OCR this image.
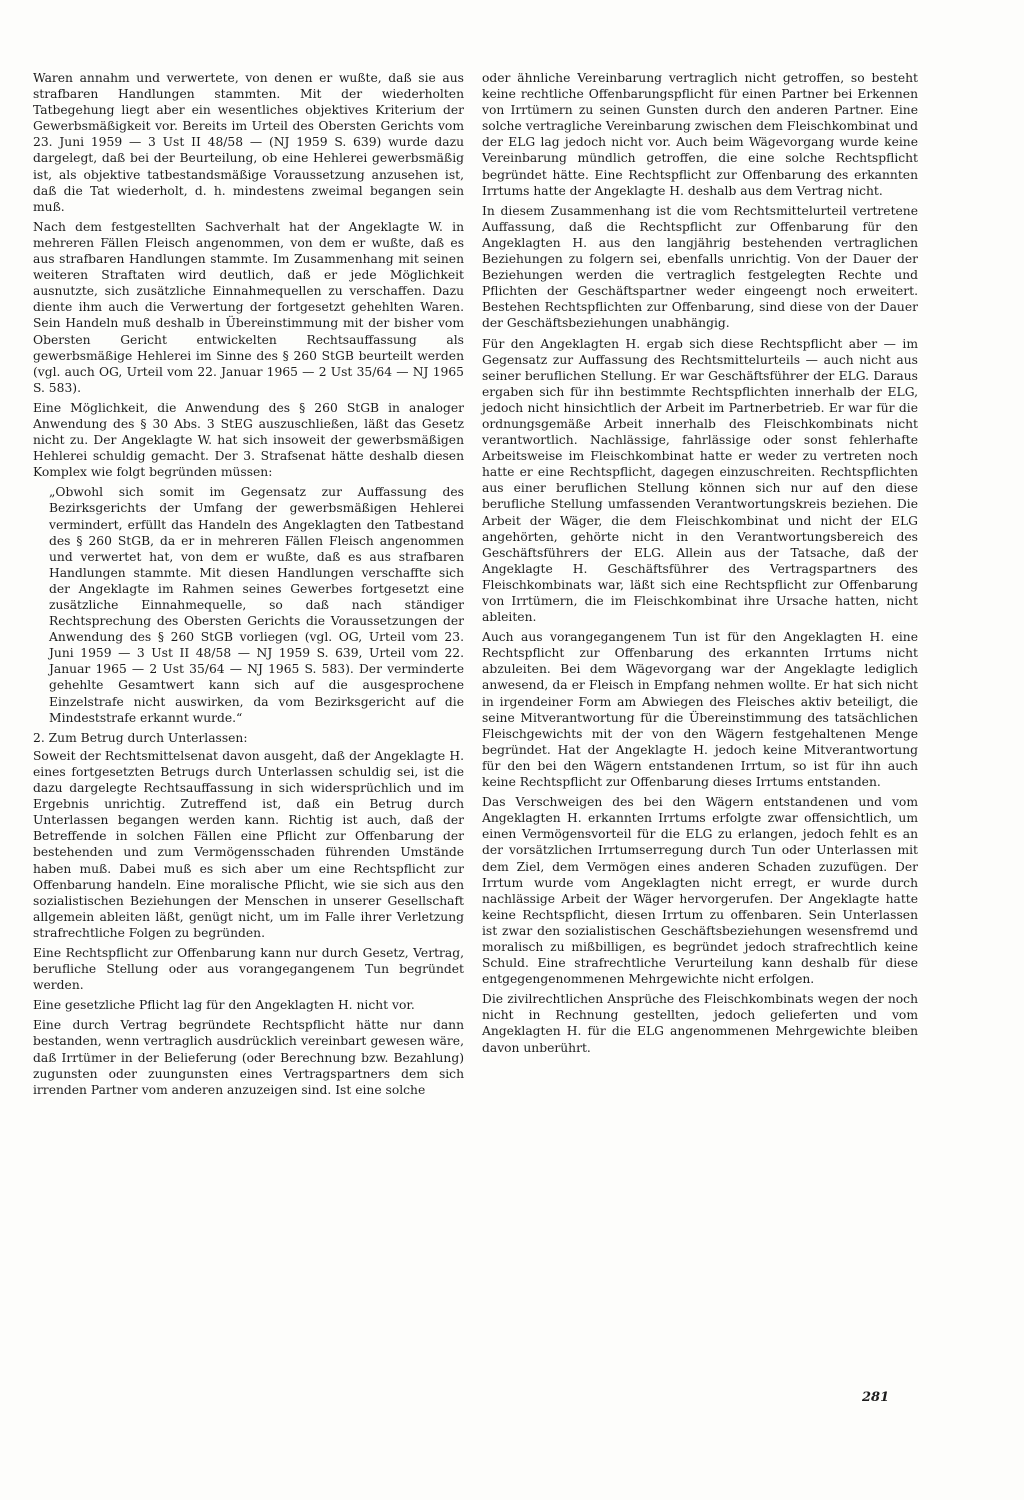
Waren annahm und verwertete, von denen er wußte, daß sie aus strafbaren Handlungen stammten. Mit der wiederholten Tatbegehung liegt aber ein wesentliches objektives Kriterium der Gewerbsmäßigkeit vor. Bereits im Urteil des Obersten Gerichts vom 23. Juni 1959 — 3 Ust II 48/58 — (NJ 1959 S. 639) wurde dazu dargelegt, daß bei der Beurteilung, ob eine Hehlerei gewerbsmäßig ist, als objektive tatbestandsmäßige Voraussetzung anzusehen ist, daß die Tat wiederholt, d. h. mindestens zweimal begangen sein muß.

Nach dem festgestellten Sachverhalt hat der Angeklagte W. in mehreren Fällen Fleisch angenommen, von dem er wußte, daß es aus strafbaren Handlungen stammte. Im Zusammenhang mit seinen weiteren Straftaten wird deutlich, daß er jede Möglichkeit ausnutzte, sich zusätzliche Einnahmequellen zu verschaffen. Dazu diente ihm auch die Verwertung der fortgesetzt gehehlten Waren. Sein Handeln muß deshalb in Übereinstimmung mit der bisher vom Obersten Gericht entwickelten Rechtsauffassung als gewerbsmäßige Hehlerei im Sinne des § 260 StGB beurteilt werden (vgl. auch OG, Urteil vom 22. Januar 1965 — 2 Ust 35/64 — NJ 1965 S. 583).

Eine Möglichkeit, die Anwendung des § 260 StGB in analoger Anwendung des § 30 Abs. 3 StEG auszuschließen, läßt das Gesetz nicht zu. Der Angeklagte W. hat sich insoweit der gewerbsmäßigen Hehlerei schuldig gemacht. Der 3. Strafsenat hätte deshalb diesen Komplex wie folgt begründen müssen:

„Obwohl sich somit im Gegensatz zur Auffassung des Bezirksgerichts der Umfang der gewerbsmäßigen Hehlerei vermindert, erfüllt das Handeln des Angeklagten den Tatbestand des § 260 StGB, da er in mehreren Fällen Fleisch angenommen und verwertet hat, von dem er wußte, daß es aus strafbaren Handlungen stammte. Mit diesen Handlungen verschaffte sich der Angeklagte im Rahmen seines Gewerbes fortgesetzt eine zusätzliche Einnahmequelle, so daß nach ständiger Rechtsprechung des Obersten Gerichts die Voraussetzungen der Anwendung des § 260 StGB vorliegen (vgl. OG, Urteil vom 23. Juni 1959 — 3 Ust II 48/58 — NJ 1959 S. 639, Urteil vom 22. Januar 1965 — 2 Ust 35/64 — NJ 1965 S. 583). Der verminderte gehehlte Gesamtwert kann sich auf die ausgesprochene Einzelstrafe nicht auswirken, da vom Bezirksgericht auf die Mindeststrafe erkannt wurde.“

2. Zum Betrug durch Unterlassen:

Soweit der Rechtsmittelsenat davon ausgeht, daß der Angeklagte H. eines fortgesetzten Betrugs durch Unterlassen schuldig sei, ist die dazu dargelegte Rechtsauffassung in sich widersprüchlich und im Ergebnis unrichtig. Zutreffend ist, daß ein Betrug durch Unterlassen begangen werden kann. Richtig ist auch, daß der Betreffende in solchen Fällen eine Pflicht zur Offenbarung der bestehenden und zum Vermögensschaden führenden Umstände haben muß. Dabei muß es sich aber um eine Rechtspflicht zur Offenbarung handeln. Eine moralische Pflicht, wie sie sich aus den sozialistischen Beziehungen der Menschen in unserer Gesellschaft allgemein ableiten läßt, genügt nicht, um im Falle ihrer Verletzung strafrechtliche Folgen zu begründen.

Eine Rechtspflicht zur Offenbarung kann nur durch Gesetz, Vertrag, berufliche Stellung oder aus vorangegangenem Tun begründet werden.

Eine gesetzliche Pflicht lag für den Angeklagten H. nicht vor.

Eine durch Vertrag begründete Rechtspflicht hätte nur dann bestanden, wenn vertraglich ausdrücklich vereinbart gewesen wäre, daß Irrtümer in der Belieferung (oder Berechnung bzw. Bezahlung) zugunsten oder zuungunsten eines Vertragspartners dem sich irrenden Partner vom anderen anzuzeigen sind. Ist eine solche

oder ähnliche Vereinbarung vertraglich nicht getroffen, so besteht keine rechtliche Offenbarungspflicht für einen Partner bei Erkennen von Irrtümern zu seinen Gunsten durch den anderen Partner. Eine solche vertragliche Vereinbarung zwischen dem Fleischkombinat und der ELG lag jedoch nicht vor. Auch beim Wägevorgang wurde keine Vereinbarung mündlich getroffen, die eine solche Rechtspflicht begründet hätte. Eine Rechtspflicht zur Offenbarung des erkannten Irrtums hatte der Angeklagte H. deshalb aus dem Vertrag nicht.

In diesem Zusammenhang ist die vom Rechtsmittelurteil vertretene Auffassung, daß die Rechtspflicht zur Offenbarung für den Angeklagten H. aus den langjährig bestehenden vertraglichen Beziehungen zu folgern sei, ebenfalls unrichtig. Von der Dauer der Beziehungen werden die vertraglich festgelegten Rechte und Pflichten der Geschäftspartner weder eingeengt noch erweitert. Bestehen Rechtspflichten zur Offenbarung, sind diese von der Dauer der Geschäftsbeziehungen unabhängig.

Für den Angeklagten H. ergab sich diese Rechtspflicht aber — im Gegensatz zur Auffassung des Rechtsmittelurteils — auch nicht aus seiner beruflichen Stellung. Er war Geschäftsführer der ELG. Daraus ergaben sich für ihn bestimmte Rechtspflichten innerhalb der ELG, jedoch nicht hinsichtlich der Arbeit im Partnerbetrieb. Er war für die ordnungsgemäße Arbeit innerhalb des Fleischkombinats nicht verantwortlich. Nachlässige, fahrlässige oder sonst fehlerhafte Arbeitsweise im Fleischkombinat hatte er weder zu vertreten noch hatte er eine Rechtspflicht, dagegen einzuschreiten. Rechtspflichten aus einer beruflichen Stellung können sich nur auf den diese berufliche Stellung umfassenden Verantwortungskreis beziehen. Die Arbeit der Wäger, die dem Fleischkombinat und nicht der ELG angehörten, gehörte nicht in den Verantwortungsbereich des Geschäftsführers der ELG. Allein aus der Tatsache, daß der Angeklagte H. Geschäftsführer des Vertragspartners des Fleischkombinats war, läßt sich eine Rechtspflicht zur Offenbarung von Irrtümern, die im Fleischkombinat ihre Ursache hatten, nicht ableiten.

Auch aus vorangegangenem Tun ist für den Angeklagten H. eine Rechtspflicht zur Offenbarung des erkannten Irrtums nicht abzuleiten. Bei dem Wägevorgang war der Angeklagte lediglich anwesend, da er Fleisch in Empfang nehmen wollte. Er hat sich nicht in irgendeiner Form am Abwiegen des Fleisches aktiv beteiligt, die seine Mitverantwortung für die Übereinstimmung des tatsächlichen Fleischgewichts mit der von den Wägern festgehaltenen Menge begründet. Hat der Angeklagte H. jedoch keine Mitverantwortung für den bei den Wägern entstandenen Irrtum, so ist für ihn auch keine Rechtspflicht zur Offenbarung dieses Irrtums entstanden.

Das Verschweigen des bei den Wägern entstandenen und vom Angeklagten H. erkannten Irrtums erfolgte zwar offensichtlich, um einen Vermögensvorteil für die ELG zu erlangen, jedoch fehlt es an der vorsätzlichen Irrtumserregung durch Tun oder Unterlassen mit dem Ziel, dem Vermögen eines anderen Schaden zuzufügen. Der Irrtum wurde vom Angeklagten nicht erregt, er wurde durch nachlässige Arbeit der Wäger hervorgerufen. Der Angeklagte hatte keine Rechtspflicht, diesen Irrtum zu offenbaren. Sein Unterlassen ist zwar den sozialistischen Geschäftsbeziehungen wesensfremd und moralisch zu mißbilligen, es begründet jedoch strafrechtlich keine Schuld. Eine strafrechtliche Verurteilung kann deshalb für diese entgegengenommenen Mehrgewichte nicht erfolgen.

Die zivilrechtlichen Ansprüche des Fleischkombinats wegen der noch nicht in Rechnung gestellten, jedoch gelieferten und vom Angeklagten H. für die ELG angenommenen Mehrgewichte bleiben davon unberührt.

281
